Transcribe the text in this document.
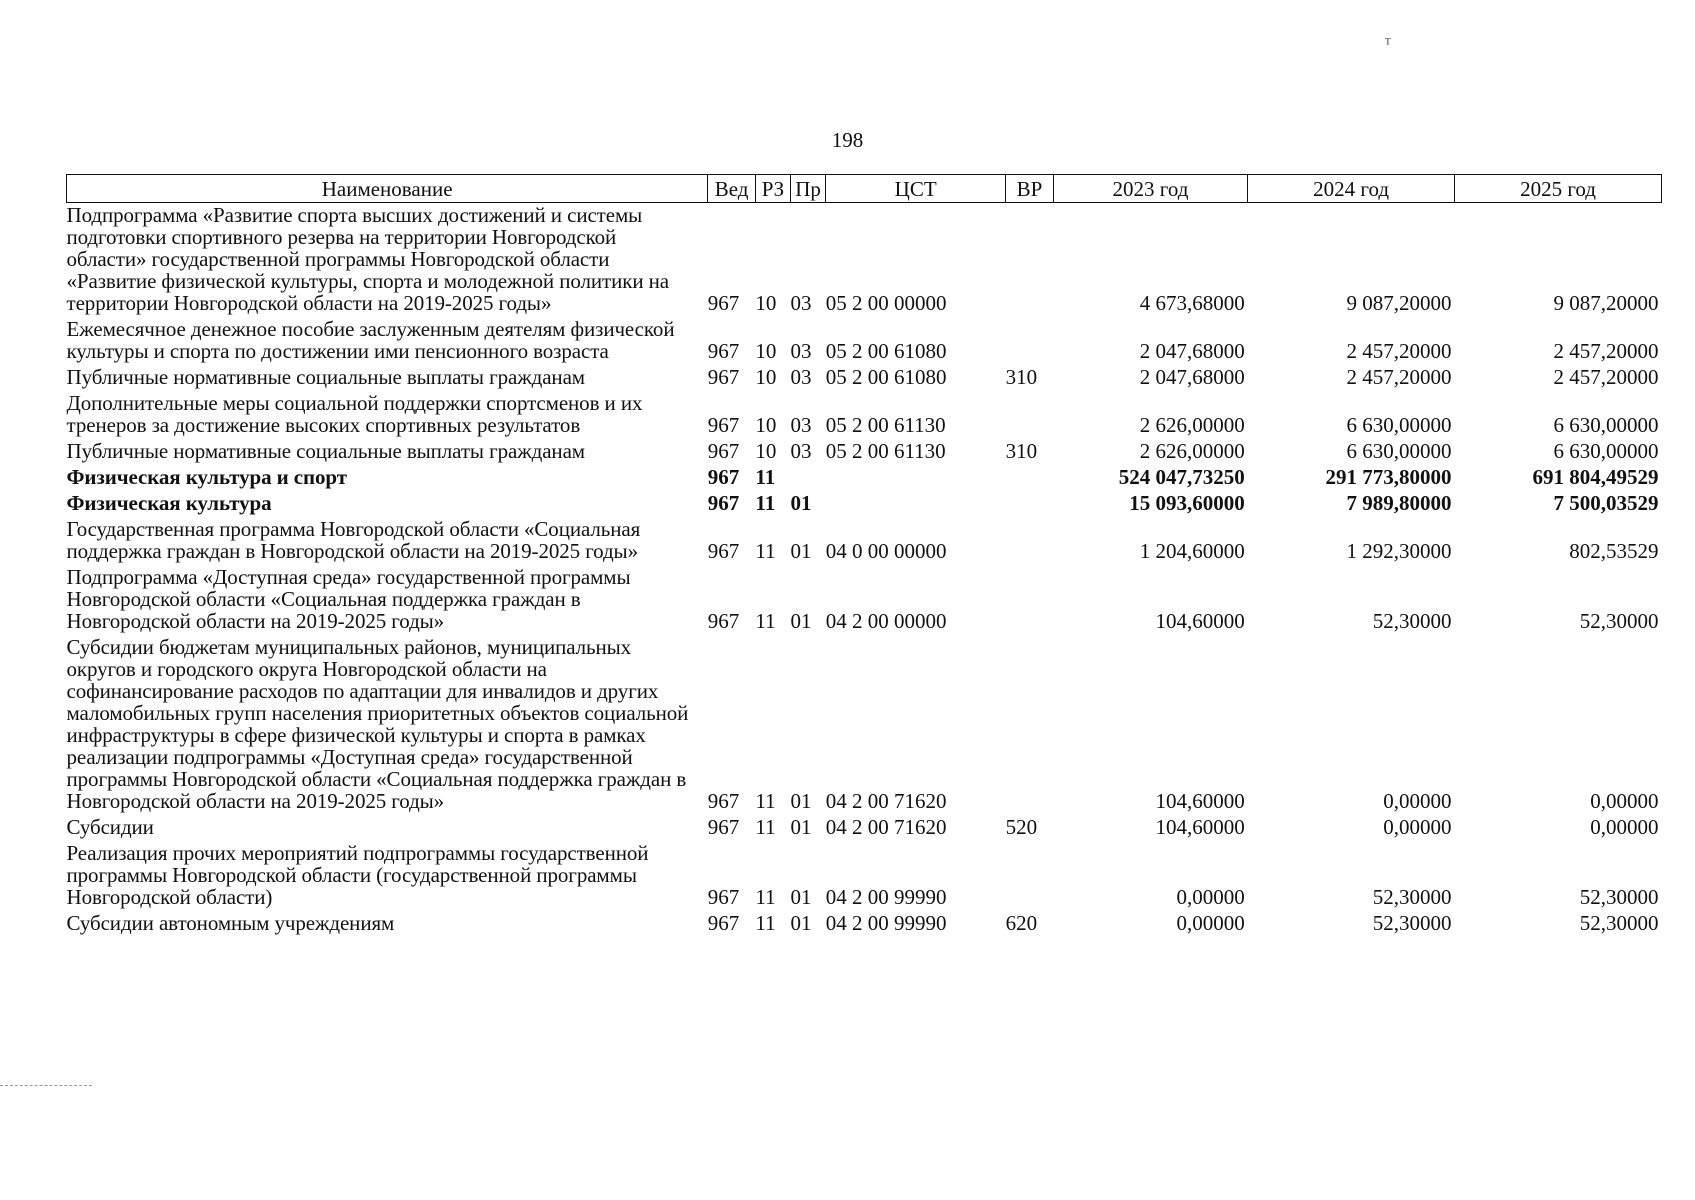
ᵀ
198
Наименование	Вед	РЗ	Пр	ЦСТ	ВР	2023 год	2024 год	2025 год
Подпрограмма «Развитие спорта высших достижений и системы подготовки спортивного резерва на территории Новгородской области» государственной программы Новгородской области «Развитие физической культуры, спорта и молодежной политики на территории Новгородской области на 2019-2025 годы»	967	10	03	05 2 00 00000		4 673,68000	9 087,20000	9 087,20000
Ежемесячное денежное пособие заслуженным деятелям физической культуры и спорта по достижении ими пенсионного возраста	967	10	03	05 2 00 61080		2 047,68000	2 457,20000	2 457,20000
Публичные нормативные социальные выплаты гражданам	967	10	03	05 2 00 61080	310	2 047,68000	2 457,20000	2 457,20000
Дополнительные меры социальной поддержки спортсменов и их тренеров за достижение высоких спортивных результатов	967	10	03	05 2 00 61130		2 626,00000	6 630,00000	6 630,00000
Публичные нормативные социальные выплаты гражданам	967	10	03	05 2 00 61130	310	2 626,00000	6 630,00000	6 630,00000
Физическая культура и спорт	967	11				524 047,73250	291 773,80000	691 804,49529
Физическая культура	967	11	01			15 093,60000	7 989,80000	7 500,03529
Государственная программа Новгородской области «Социальная поддержка граждан в Новгородской области на 2019-2025 годы»	967	11	01	04 0 00 00000		1 204,60000	1 292,30000	802,53529
Подпрограмма «Доступная среда» государственной программы Новгородской области «Социальная поддержка граждан в Новгородской области на 2019-2025 годы»	967	11	01	04 2 00 00000		104,60000	52,30000	52,30000
Субсидии бюджетам муниципальных районов, муниципальных округов и городского округа Новгородской области на софинансирование расходов по адаптации для инвалидов и других маломобильных групп населения приоритетных объектов социальной инфраструктуры в сфере физической культуры и спорта в рамках реализации подпрограммы «Доступная среда» государственной программы Новгородской области «Социальная поддержка граждан в Новгородской области на 2019-2025 годы»	967	11	01	04 2 00 71620		104,60000	0,00000	0,00000
Субсидии	967	11	01	04 2 00 71620	520	104,60000	0,00000	0,00000
Реализация прочих мероприятий подпрограммы государственной программы Новгородской области (государственной программы Новгородской области)	967	11	01	04 2 00 99990		0,00000	52,30000	52,30000
Субсидии автономным учреждениям	967	11	01	04 2 00 99990	620	0,00000	52,30000	52,30000
